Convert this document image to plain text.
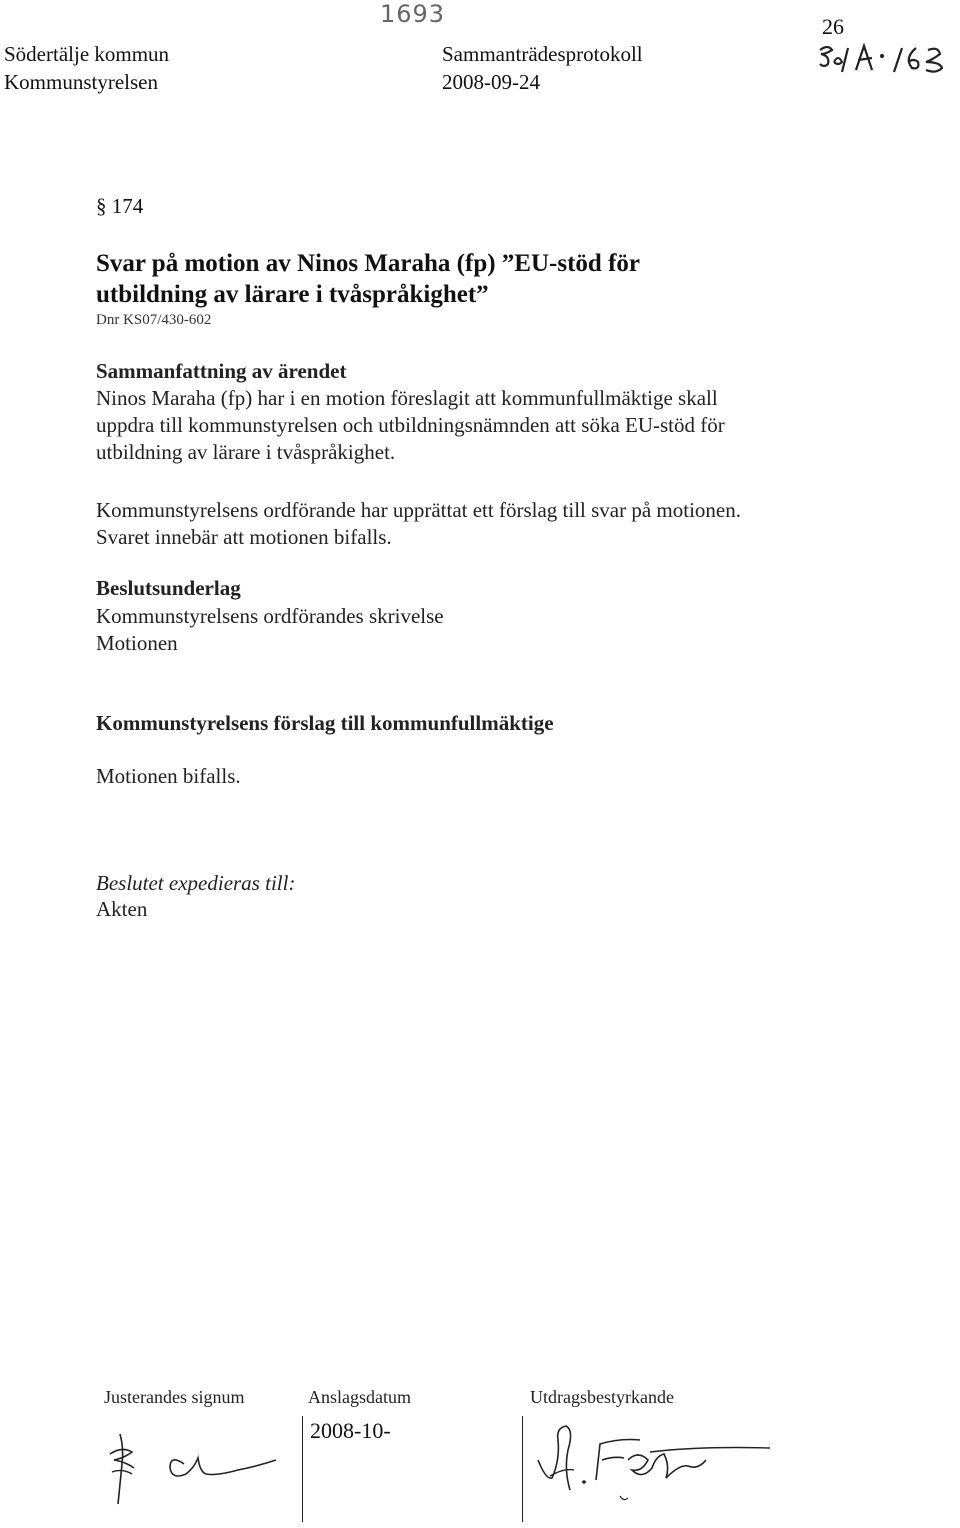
1693
Södertälje kommun
Kommunstyrelsen
Sammanträdesprotokoll
2008-09-24
26
§ 174
Svar på motion av Ninos Maraha (fp) ”EU-stöd för
utbildning av lärare i tvåspråkighet”
Dnr KS07/430-602
Sammanfattning av ärendet
Ninos Maraha (fp) har i en motion föreslagit att kommunfullmäktige skall
uppdra till kommunstyrelsen och utbildningsnämnden att söka EU-stöd för
utbildning av lärare i tvåspråkighet.
Kommunstyrelsens ordförande har upprättat ett förslag till svar på motionen.
Svaret innebär att motionen bifalls.
Beslutsunderlag
Kommunstyrelsens ordförandes skrivelse
Motionen
Kommunstyrelsens förslag till kommunfullmäktige
Motionen bifalls.
Beslutet expedieras till:
Akten
Justerandes signum	Anslagsdatum	Utdragsbestyrkande
2008-10-
